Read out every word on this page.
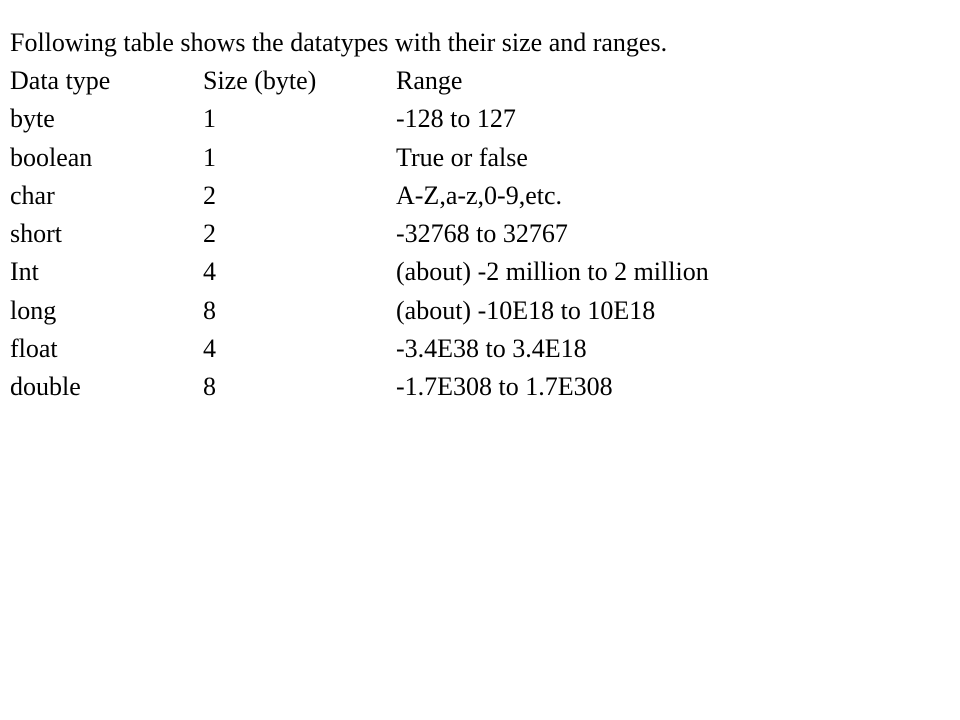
Following table shows the datatypes with their size and ranges.
Data type	Size (byte)	Range
byte	1	-128 to 127
boolean	1	True or false
char	2	A-Z,a-z,0-9,etc.
short	2	-32768 to 32767
Int	4	(about) -2 million to 2 million
long	8	(about) -10E18 to 10E18
float	4	-3.4E38 to 3.4E18
double	8	-1.7E308 to 1.7E308
